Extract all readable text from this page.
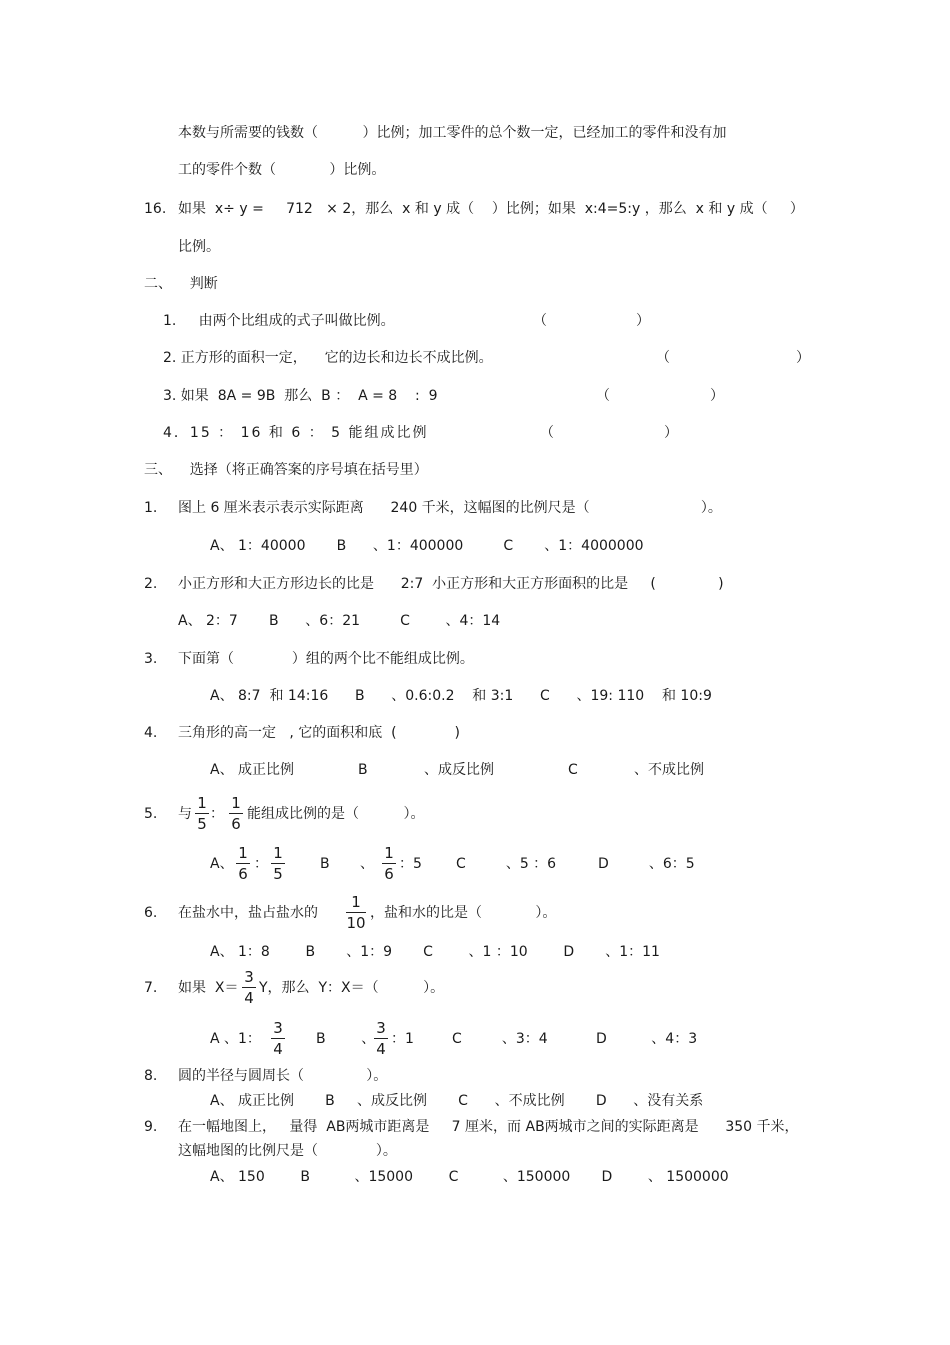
本数与所需要的钱数（          ）比例；加工零件的总个数一定，已经加工的零件和没有加
工的零件个数（            ）比例。
16. 如果  x÷ y =     712   × 2，那么  x 和 y 成（    ）比例；如果  x:4=5:y ，那么  x 和 y 成（     ）
比例。
二、    判断
1.     由两个比组成的式子叫做比例。	（	）
2. 正方形的面积一定，    它的边长和边长不成比例。	（	）
3. 如果  8A = 9B  那么  B ：  A = 8    :  9	（	）
4．15 ： 16 和 6 ： 5 能组成比例	（	）
三、    选择（将正确答案的序号填在括号里）
1. 图上 6 厘米表示表示实际距离      240 千米，这幅图的比例尺是（                         ）。
A、 1：40000       B      、1：400000         C       、1：4000000
2. 小正方形和大正方形边长的比是      2:7  小正方形和大正方形面积的比是     (              )
A、 2：7       B      、6：21         C        、4：14
3. 下面第（             ）组的两个比不能组成比例。
A、 8:7  和 14:16      B      、0.6:0.2    和 3:1      C      、19: 110    和 10:9
4. 三角形的高一定   , 它的面积和底  (             )
A、 成正比例	B	、成反比例	C	、不成比例
5. 与
1
5
：
1
6
能组成比例的是（          ）。
A、
1
6
：
1
5
B 、
1
6
：5 C         、5 ：6	D         、6：5
6. 在盐水中，盐占盐水的
1
10
，盐和水的比是（            ）。
A、 1：8        B       、1：9       C        、1 ：10        D       、1：11
7. 如果  X＝
3
4
Y，那么  Y：X＝（          ）。
A 、1：
3
4
B        、
3
4
：1	C         、3：4	D          、4：3
8. 圆的半径与圆周长（              ）。
A、 成正比例       B     、成反比例       C      、不成比例       D      、没有关系
9. 在一幅地图上，   量得  AB两城市距离是     7 厘米，而 AB两城市之间的实际距离是      350 千米，
这幅地图的比例尺是（             ）。
A、 150        B          、15000        C          、150000       D        、 1500000
